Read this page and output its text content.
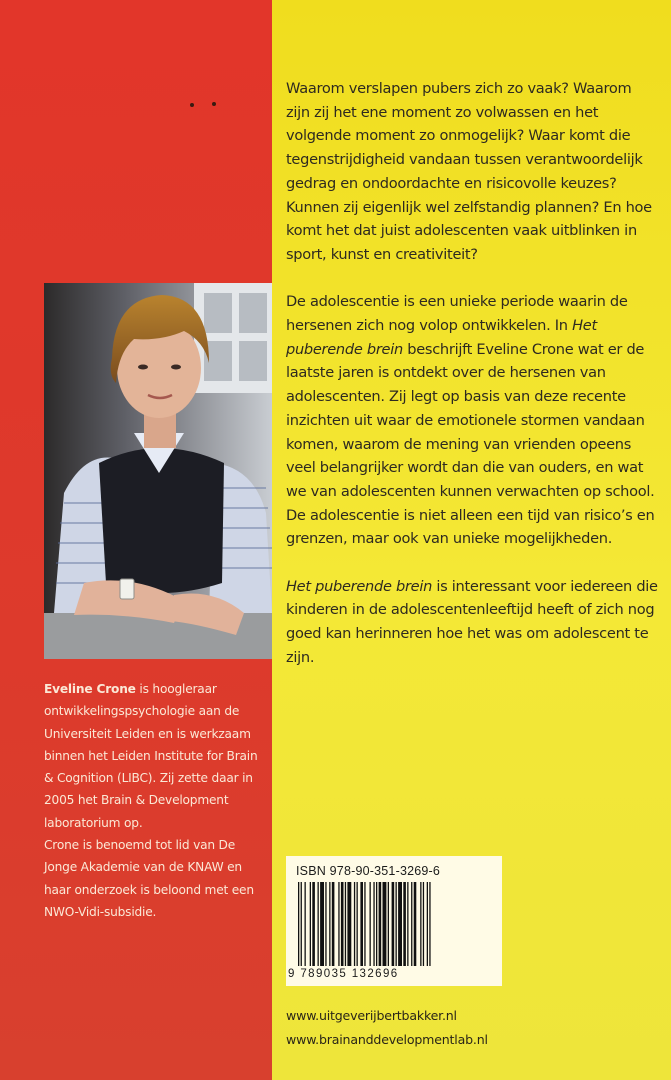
Eveline Crone is hoogleraar ontwikkelingspsychologie aan de Universiteit Leiden en is werkzaam binnen het Leiden Institute for Brain & Cognition (LIBC). Zij zette daar in 2005 het Brain & Development laboratorium op.

Crone is benoemd tot lid van De Jonge Akademie van de KNAW en haar onderzoek is beloond met een NWO-Vidi-subsidie.

Waarom verslapen pubers zich zo vaak? Waarom zijn zij het ene moment zo volwassen en het volgende moment zo onmogelijk? Waar komt die tegenstrijdigheid vandaan tussen verantwoordelijk gedrag en ondoordachte en risicovolle keuzes? Kunnen zij eigenlijk wel zelfstandig plannen? En hoe komt het dat juist adolescenten vaak uitblinken in sport, kunst en creativiteit?

De adolescentie is een unieke periode waarin de hersenen zich nog volop ontwikkelen. In Het puberende brein beschrijft Eveline Crone wat er de laatste jaren is ontdekt over de hersenen van adolescenten. Zij legt op basis van deze recente inzichten uit waar de emotionele stormen vandaan komen, waarom de mening van vrienden opeens veel belangrijker wordt dan die van ouders, en wat we van adolescenten kunnen verwachten op school. De adolescentie is niet alleen een tijd van risico’s en grenzen, maar ook van unieke mogelijkheden.

Het puberende brein is interessant voor iedereen die kinderen in de adolescentenleeftijd heeft of zich nog goed kan herinneren hoe het was om adolescent te zijn.

ISBN 978-90-351-3269-6
9 789035 132696
www.uitgeverijbertbakker.nl
www.brainanddevelopmentlab.nl
